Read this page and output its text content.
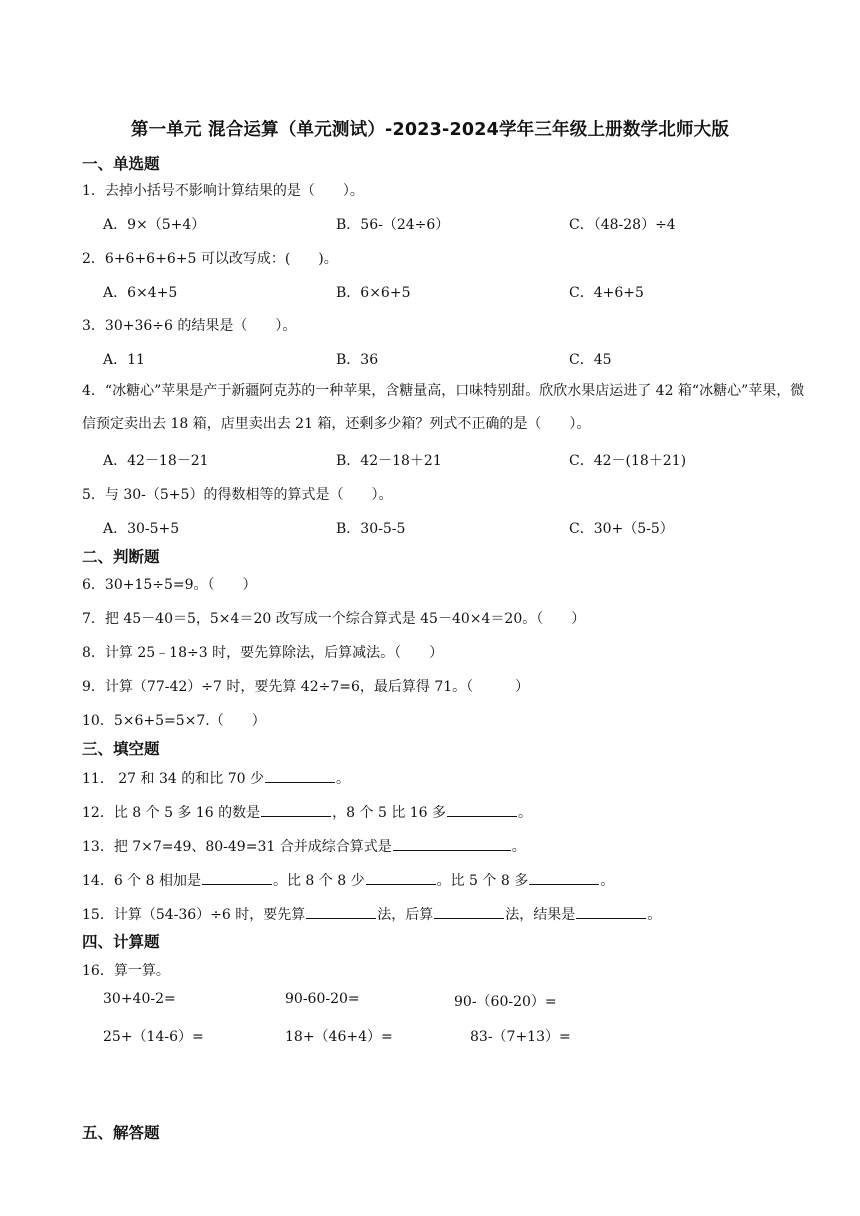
第一单元 混合运算（单元测试）-2023-2024学年三年级上册数学北师大版
一、单选题
1．去掉小括号不影响计算结果的是（　　）。
A．9×（5+4）	B．56-（24÷6）	C．（48-28）÷4
2．6+6+6+6+5 可以改写成：(　　)。
A．6×4+5	B．6×6+5	C．4+6+5
3．30+36÷6 的结果是（　　）。
A．11	B．36	C．45
4．“冰糖心”苹果是产于新疆阿克苏的一种苹果，含糖量高，口味特别甜。欣欣水果店运进了 42 箱“冰糖心”苹果，微信预定卖出去 18 箱，店里卖出去 21 箱，还剩多少箱？列式不正确的是（　　）。
A．42－18－21	B．42－18＋21	C．42－(18＋21)
5．与 30-（5+5）的得数相等的算式是（　　）。
A．30-5+5	B．30-5-5	C．30+（5-5）
二、判断题
6．30+15÷5=9。（　　）
7．把 45－40＝5，5×4＝20 改写成一个综合算式是 45－40×4＝20。（　　）
8．计算 25﹣18÷3 时，要先算除法，后算减法。（　　）
9．计算（77-42）÷7 时，要先算 42÷7=6，最后算得 71。（　　　）
10．5×6+5=5×7.（　　）
三、填空题
11． 27 和 34 的和比 70 少	。
12．比 8 个 5 多 16 的数是	，8 个 5 比 16 多	。
13．把 7×7=49、80-49=31 合并成综合算式是	。
14．6 个 8 相加是	。比 8 个 8 少	。比 5 个 8 多	。
15．计算（54-36）÷6 时，要先算	法，后算	法，结果是	。
四、计算题
16．算一算。
30+40-2=	90-60-20=	90-（60-20）=
25+（14-6）=	18+（46+4）=	83-（7+13）=
五、解答题
